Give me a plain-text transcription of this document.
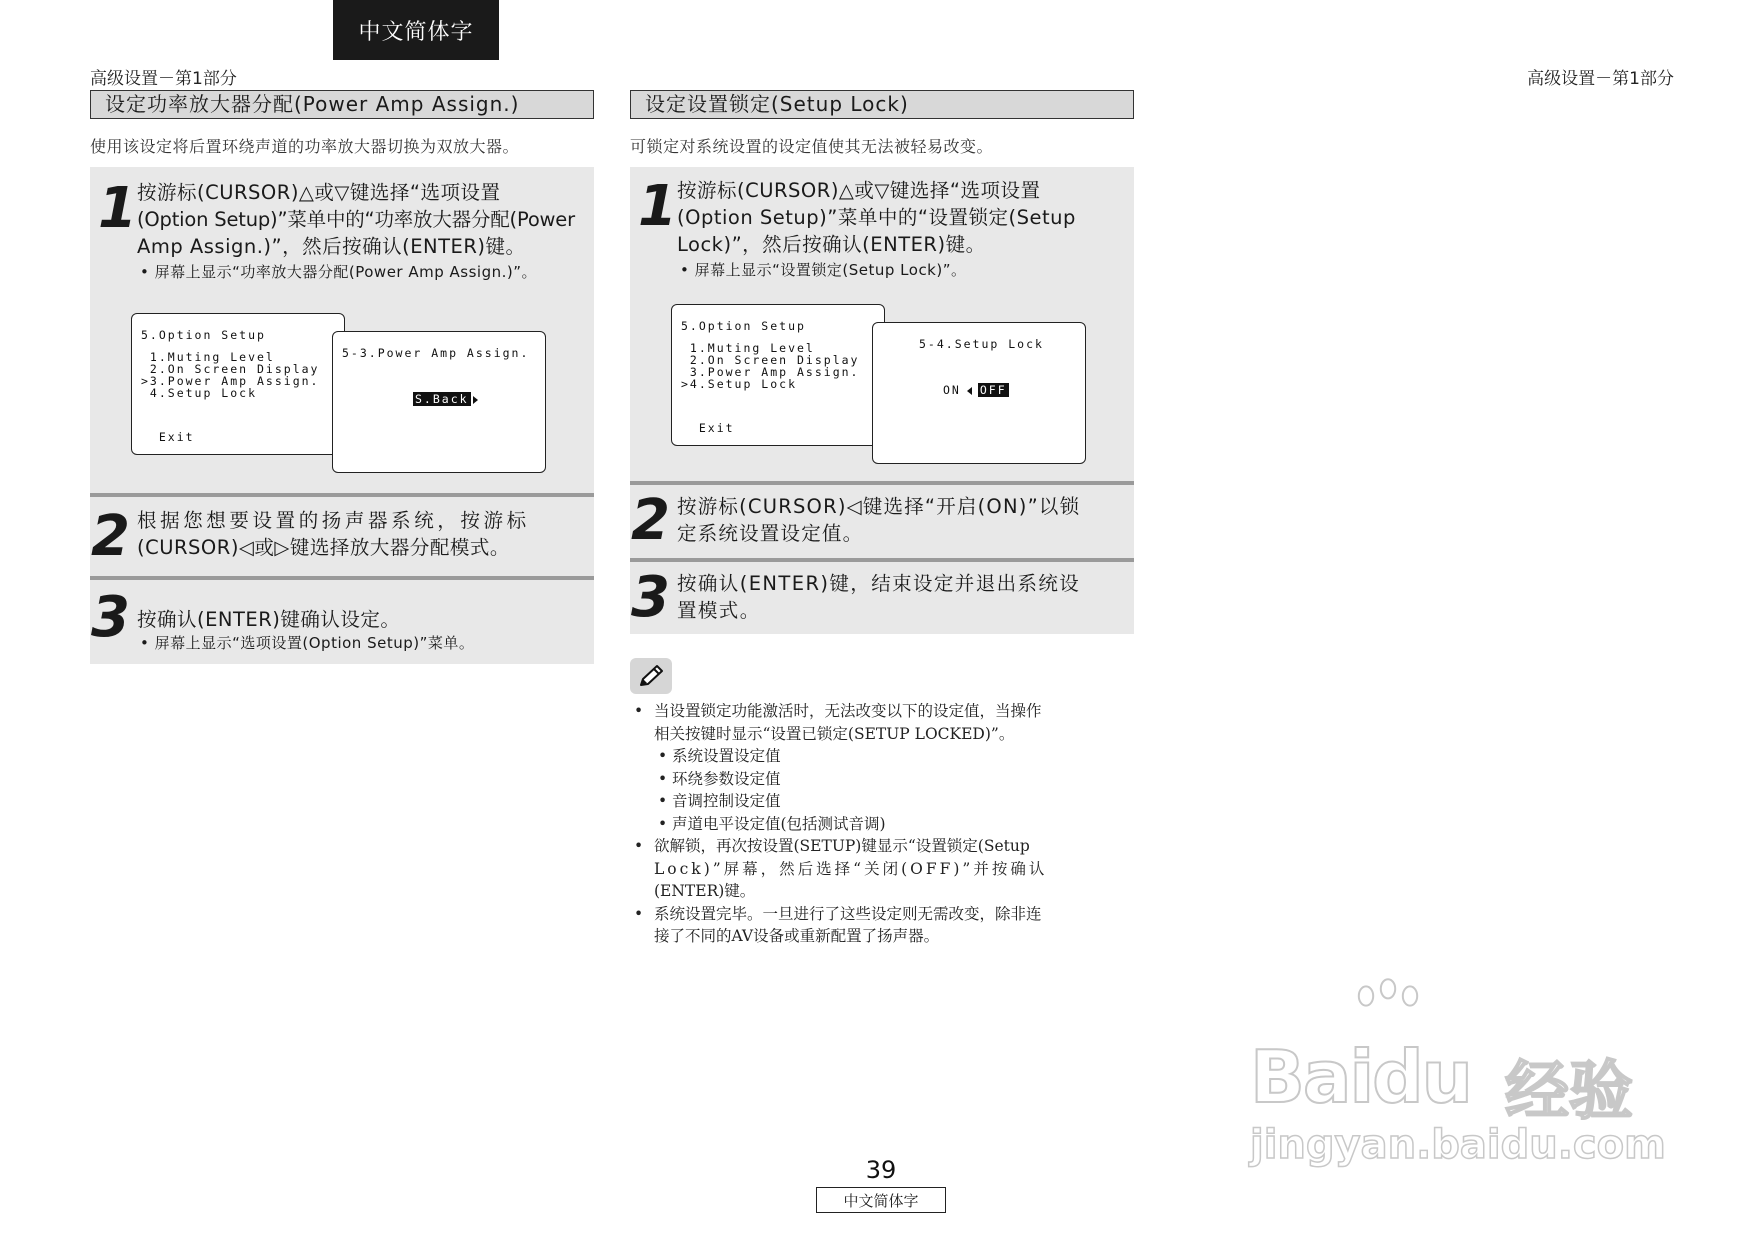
中文简体字
高级设置－第1部分	高级设置－第1部分
设定功率放大器分配(Power Amp Assign.)
使用该设定将后置环绕声道的功率放大器切换为双放大器。
1 按游标(CURSOR)△或▽键选择“选项设置
(Option Setup)”菜单中的“功率放大器分配(Power
Amp Assign.)”，然后按确认(ENTER)键。
• 屏幕上显示“功率放大器分配(Power Amp Assign.)”。
5.Option Setup
1.Muting Level
2.On Screen Display
>3.Power Amp Assign.
4.Setup Lock
Exit
5-3.Power Amp Assign.
S.Back
2 根据您想要设置的扬声器系统，按游标
(CURSOR)◁或▷键选择放大器分配模式。
3 按确认(ENTER)键确认设定。
• 屏幕上显示“选项设置(Option Setup)”菜单。
设定设置锁定(Setup Lock)
可锁定对系统设置的设定值使其无法被轻易改变。
1 按游标(CURSOR)△或▽键选择“选项设置
(Option Setup)”菜单中的“设置锁定(Setup
Lock)”，然后按确认(ENTER)键。
• 屏幕上显示“设置锁定(Setup Lock)”。
5.Option Setup
1.Muting Level
2.On Screen Display
3.Power Amp Assign.
>4.Setup Lock
Exit
5-4.Setup Lock
ON OFF
2 按游标(CURSOR)◁键选择“开启(ON)”以锁
定系统设置设定值。
3 按确认(ENTER)键，结束设定并退出系统设
置模式。
• 当设置锁定功能激活时，无法改变以下的设定值，当操作
相关按键时显示“设置已锁定(SETUP LOCKED)”。
• 系统设置设定值
• 环绕参数设定值
• 音调控制设定值
• 声道电平设定值(包括测试音调)
• 欲解锁，再次按设置(SETUP)键显示“设置锁定(Setup
Lock)”屏幕，然后选择“关闭(OFF)”并按确认
(ENTER)键。
• 系统设置完毕。一旦进行了这些设定则无需改变，除非连
接了不同的AV设备或重新配置了扬声器。
39
中文简体字
Baidu 经验
jingyan.baidu.com
